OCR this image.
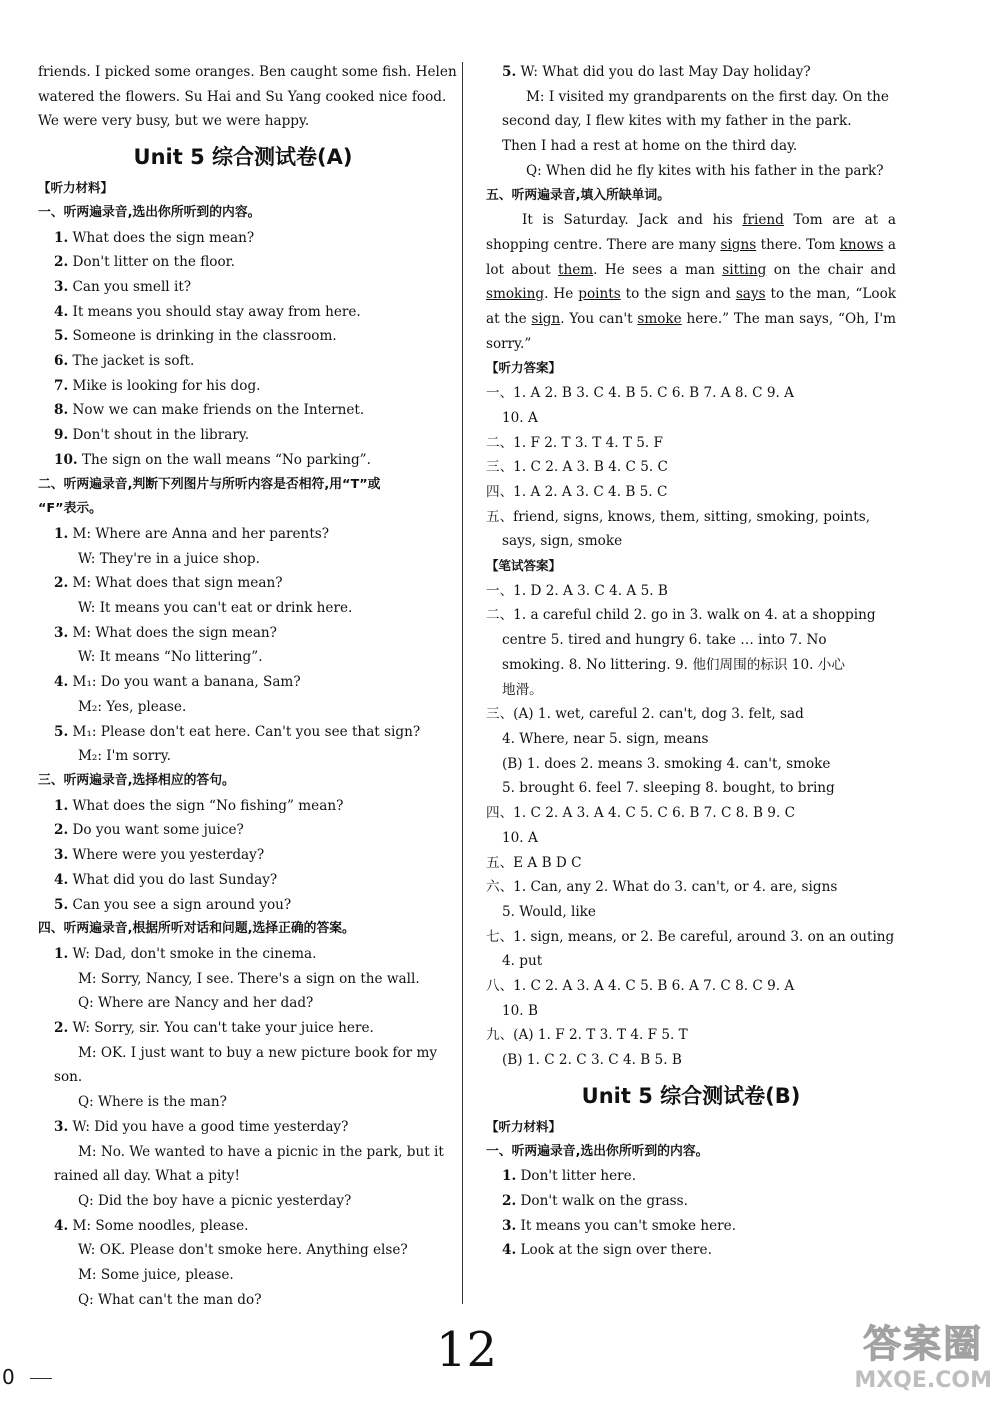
friends. I picked some oranges. Ben caught some fish. Helen
watered the flowers. Su Hai and Su Yang cooked nice food.
We were very busy, but we were happy.
Unit 5 综合测试卷(A)
【听力材料】
一、听两遍录音,选出你所听到的内容。
1. What does the sign mean?
2. Don't litter on the floor.
3. Can you smell it?
4. It means you should stay away from here.
5. Someone is drinking in the classroom.
6. The jacket is soft.
7. Mike is looking for his dog.
8. Now we can make friends on the Internet.
9. Don't shout in the library.
10. The sign on the wall means “No parking”.
二、听两遍录音,判断下列图片与所听内容是否相符,用“T”或
“F”表示。
1. M: Where are Anna and her parents?
W: They're in a juice shop.
2. M: What does that sign mean?
W: It means you can't eat or drink here.
3. M: What does the sign mean?
W: It means “No littering”.
4. M₁: Do you want a banana, Sam?
M₂: Yes, please.
5. M₁: Please don't eat here. Can't you see that sign?
M₂: I'm sorry.
三、听两遍录音,选择相应的答句。
1. What does the sign “No fishing” mean?
2. Do you want some juice?
3. Where were you yesterday?
4. What did you do last Sunday?
5. Can you see a sign around you?
四、听两遍录音,根据所听对话和问题,选择正确的答案。
1. W: Dad, don't smoke in the cinema.
M: Sorry, Nancy, I see. There's a sign on the wall.
Q: Where are Nancy and her dad?
2. W: Sorry, sir. You can't take your juice here.
M: OK. I just want to buy a new picture book for my
son.
Q: Where is the man?
3. W: Did you have a good time yesterday?
M: No. We wanted to have a picnic in the park, but it
rained all day. What a pity!
Q: Did the boy have a picnic yesterday?
4. M: Some noodles, please.
W: OK. Please don't smoke here. Anything else?
M: Some juice, please.
Q: What can't the man do?
5. W: What did you do last May Day holiday?
M: I visited my grandparents on the first day. On the
second day, I flew kites with my father in the park.
Then I had a rest at home on the third day.
Q: When did he fly kites with his father in the park?
五、听两遍录音,填入所缺单词。
It is Saturday. Jack and his friend Tom are at a shopping centre. There are many signs there. Tom knows a lot about them. He sees a man sitting on the chair and smoking. He points to the sign and says to the man, “Look at the sign. You can't smoke here.” The man says, “Oh, I'm sorry.”
【听力答案】
一、1. A 2. B 3. C 4. B 5. C 6. B 7. A 8. C 9. A
10. A
二、1. F 2. T 3. T 4. T 5. F
三、1. C 2. A 3. B 4. C 5. C
四、1. A 2. A 3. C 4. B 5. C
五、friend, signs, knows, them, sitting, smoking, points,
says, sign, smoke
【笔试答案】
一、1. D 2. A 3. C 4. A 5. B
二、1. a careful child 2. go in 3. walk on 4. at a shopping
centre 5. tired and hungry 6. take … into 7. No
smoking. 8. No littering. 9. 他们周围的标识 10. 小心
地滑。
三、(A) 1. wet, careful 2. can't, dog 3. felt, sad
4. Where, near 5. sign, means
(B) 1. does 2. means 3. smoking 4. can't, smoke
5. brought 6. feel 7. sleeping 8. bought, to bring
四、1. C 2. A 3. A 4. C 5. C 6. B 7. C 8. B 9. C
10. A
五、E A B D C
六、1. Can, any 2. What do 3. can't, or 4. are, signs
5. Would, like
七、1. sign, means, or 2. Be careful, around 3. on an outing
4. put
八、1. C 2. A 3. A 4. C 5. B 6. A 7. C 8. C 9. A
10. B
九、(A) 1. F 2. T 3. T 4. F 5. T
(B) 1. C 2. C 3. C 4. B 5. B
Unit 5 综合测试卷(B)
【听力材料】
一、听两遍录音,选出你所听到的内容。
1. Don't litter here.
2. Don't walk on the grass.
3. It means you can't smoke here.
4. Look at the sign over there.
0	12	答案圈
MXQE.COM
